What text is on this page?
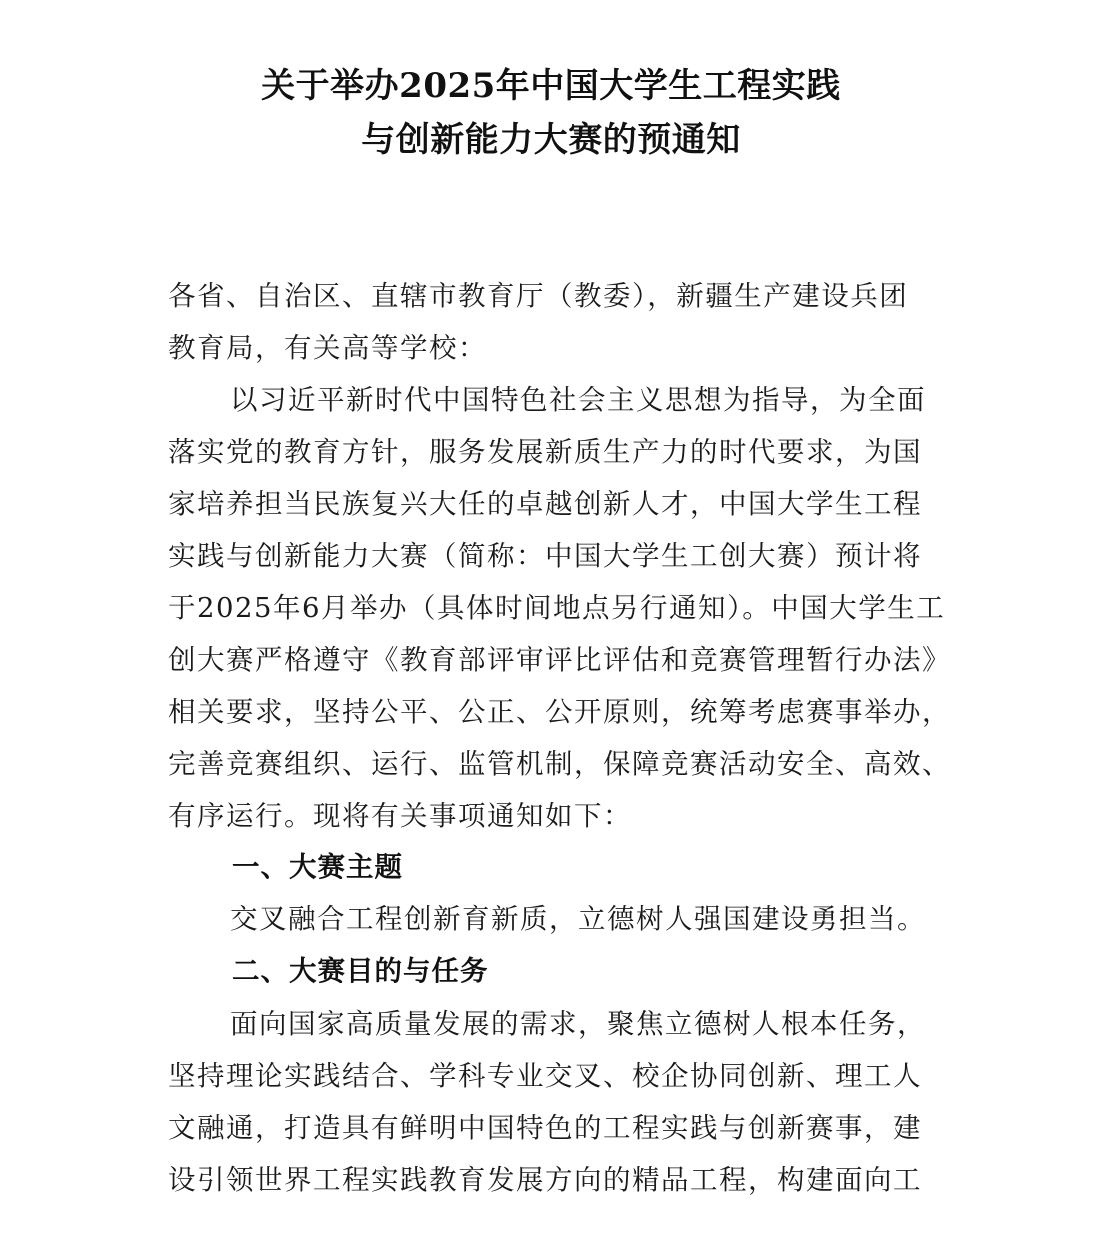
关于举办2025年中国大学生工程实践
与创新能力大赛的预通知
各省、自治区、直辖市教育厅（教委），新疆生产建设兵团
教育局，有关高等学校：
以习近平新时代中国特色社会主义思想为指导，为全面
落实党的教育方针，服务发展新质生产力的时代要求，为国
家培养担当民族复兴大任的卓越创新人才，中国大学生工程
实践与创新能力大赛（简称：中国大学生工创大赛）预计将
于2025年6月举办（具体时间地点另行通知）。中国大学生工
创大赛严格遵守《教育部评审评比评估和竞赛管理暂行办法》
相关要求，坚持公平、公正、公开原则，统筹考虑赛事举办，
完善竞赛组织、运行、监管机制，保障竞赛活动安全、高效、
有序运行。现将有关事项通知如下：
一、大赛主题
交叉融合工程创新育新质，立德树人强国建设勇担当。
二、大赛目的与任务
面向国家高质量发展的需求，聚焦立德树人根本任务，
坚持理论实践结合、学科专业交叉、校企协同创新、理工人
文融通，打造具有鲜明中国特色的工程实践与创新赛事，建
设引领世界工程实践教育发展方向的精品工程，构建面向工
